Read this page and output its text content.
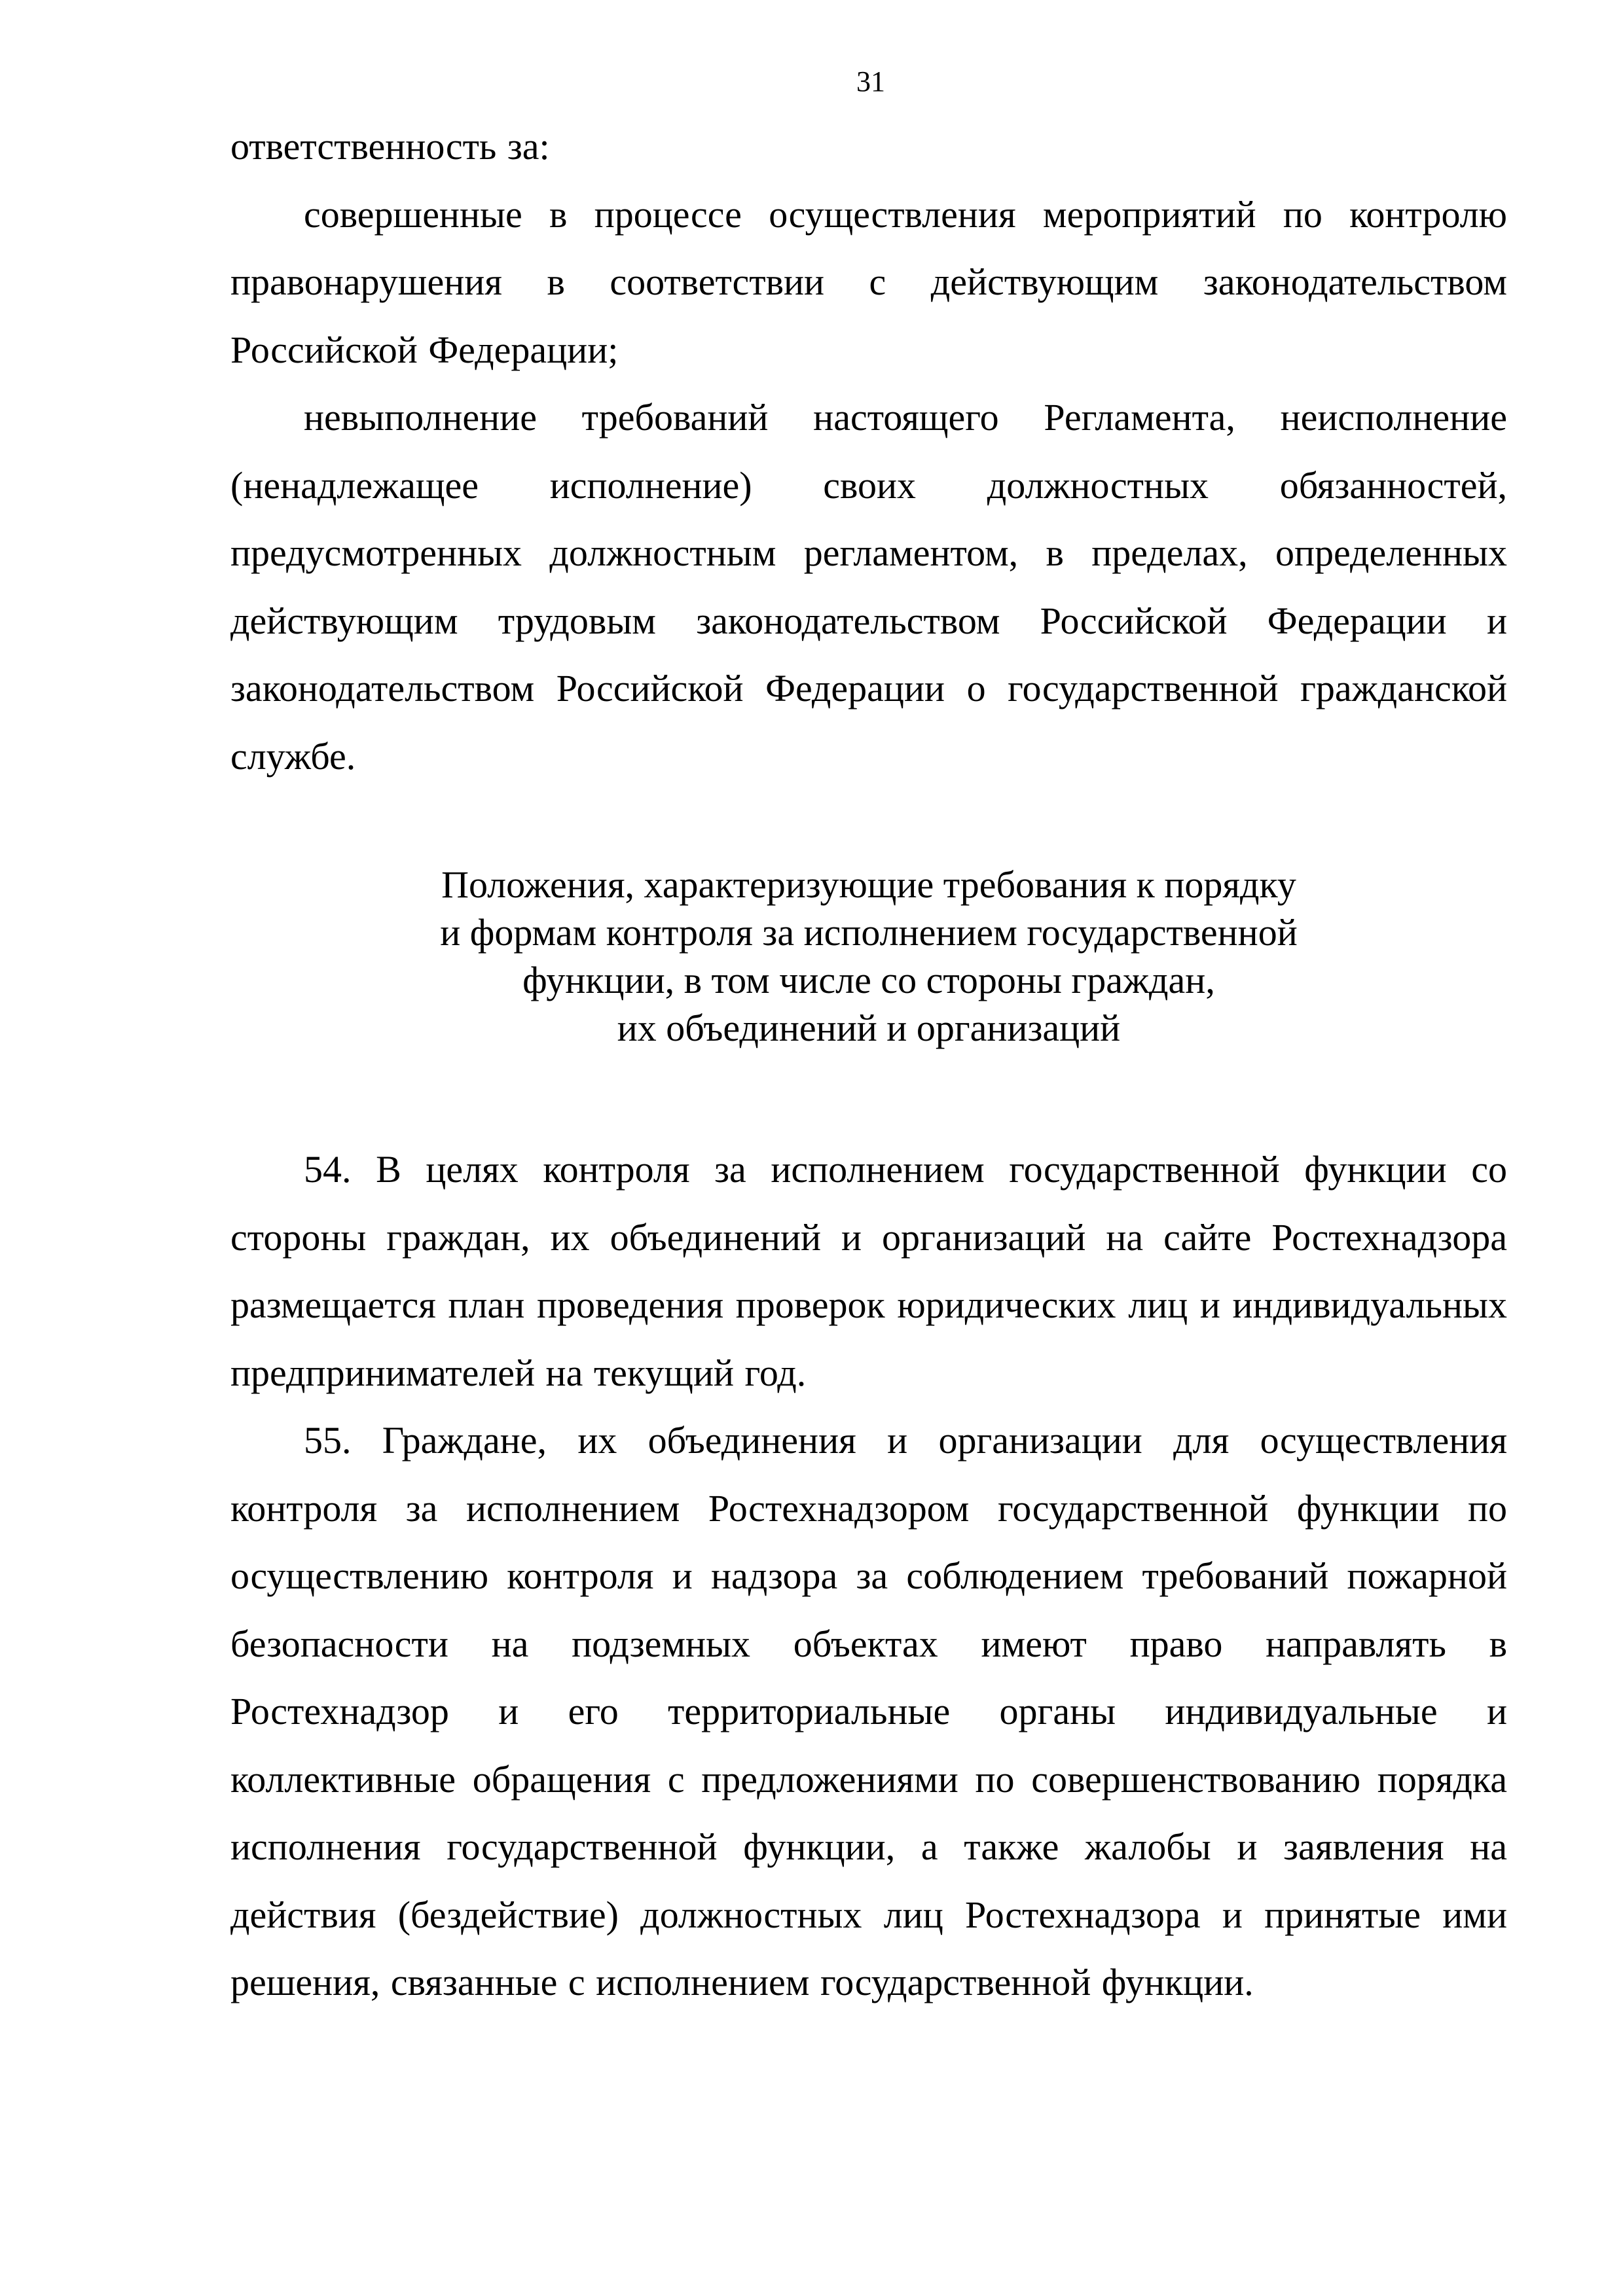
31

ответственность за:

совершенные в процессе осуществления мероприятий по контролю правонарушения в соответствии с действующим законодательством Российской Федерации;

невыполнение требований настоящего Регламента, неисполнение (ненадлежащее исполнение) своих должностных обязанностей, предусмотренных должностным регламентом, в пределах, определенных действующим трудовым законодательством Российской Федерации и законодательством Российской Федерации о государственной гражданской службе.

Положения, характеризующие требования к порядку

и формам контроля за исполнением государственной

функции, в том числе со стороны граждан,

их объединений и организаций

54. В целях контроля за исполнением государственной функции со стороны граждан, их объединений и организаций на сайте Ростехнадзора размещается план проведения проверок юридических лиц и индивидуальных предпринимателей на текущий год.

55. Граждане, их объединения и организации для осуществления контроля за исполнением Ростехнадзором государственной функции по осуществлению контроля и надзора за соблюдением требований пожарной безопасности на подземных объектах имеют право направлять в Ростехнадзор и его территориальные органы индивидуальные и коллективные обращения с предложениями по совершенствованию порядка исполнения государственной функции, а также жалобы и заявления на действия (бездействие) должностных лиц Ростехнадзора и принятые ими решения, связанные с исполнением государственной функции.
